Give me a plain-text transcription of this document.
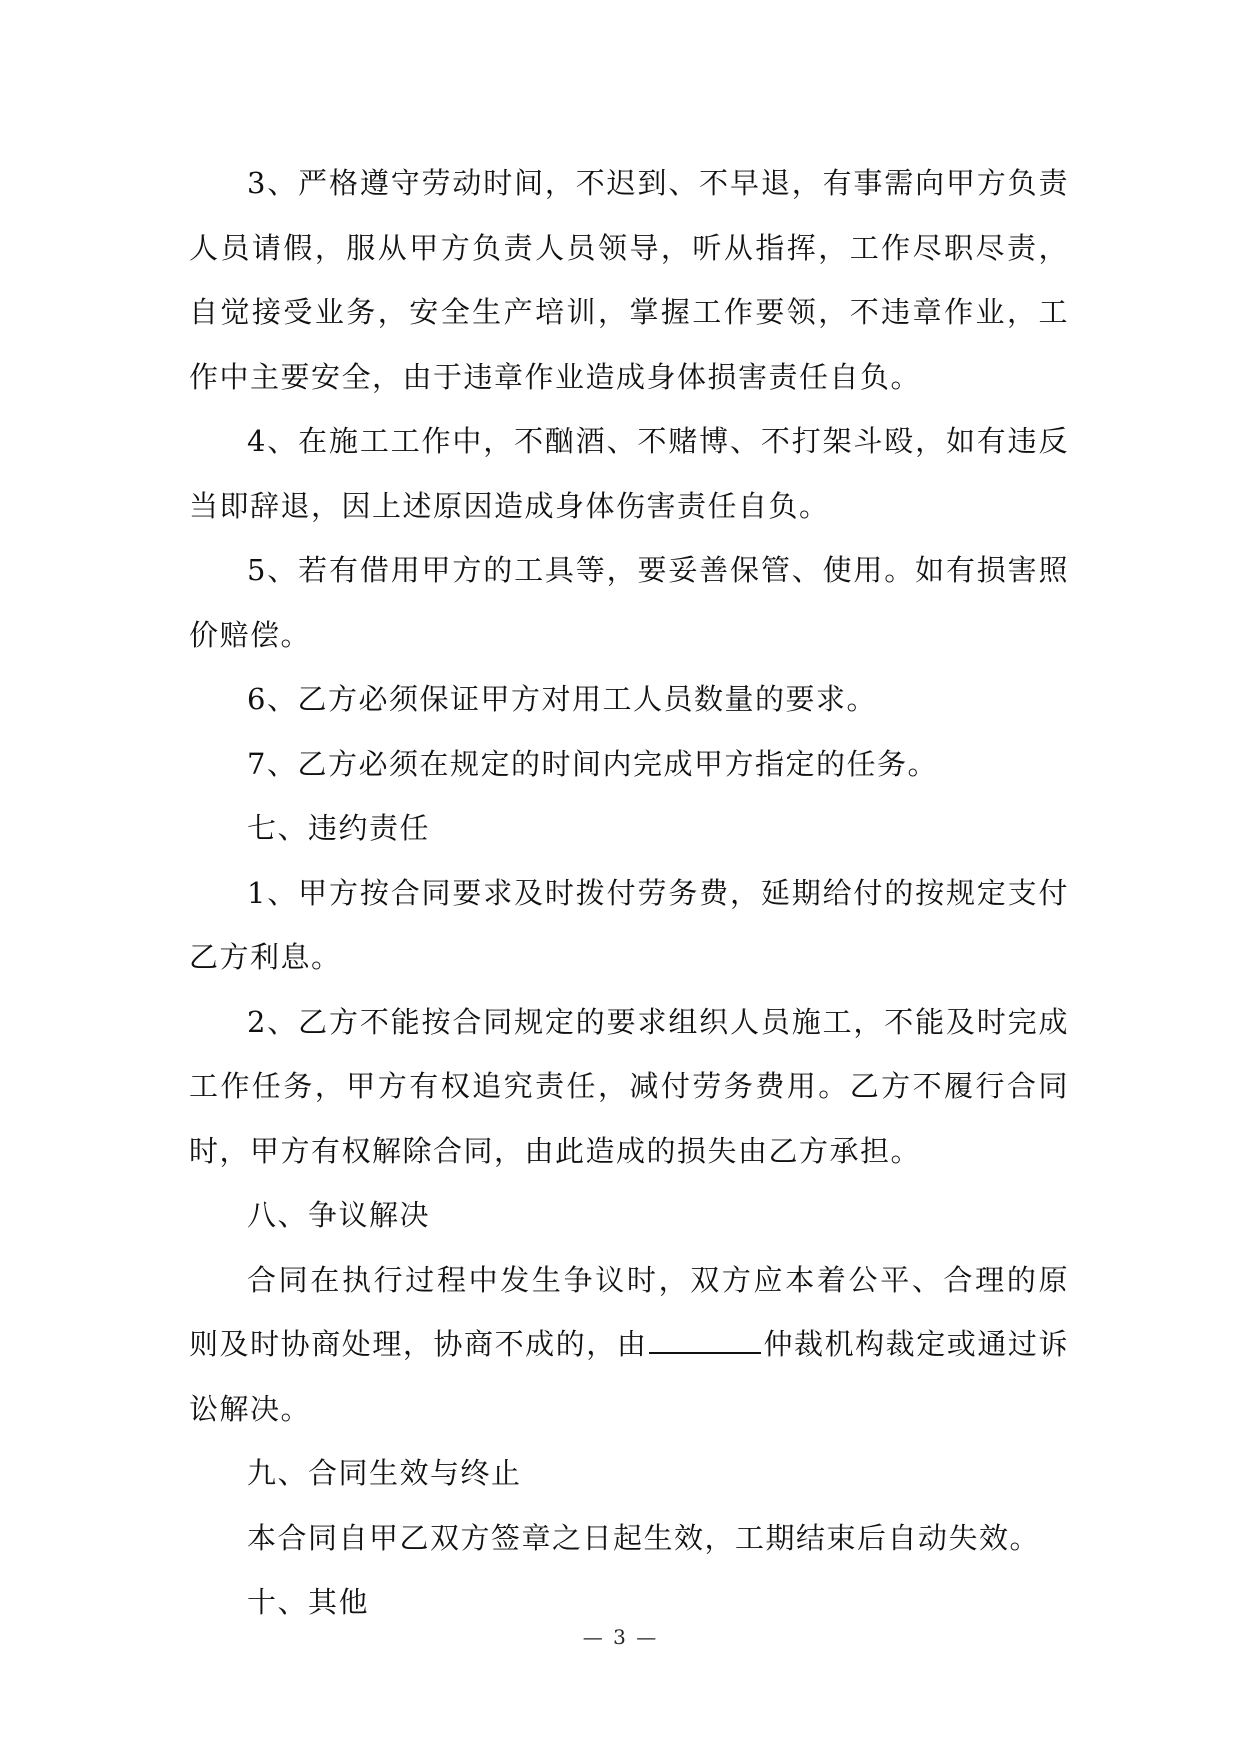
3、严格遵守劳动时间，不迟到、不早退，有事需向甲方负责人员请假，服从甲方负责人员领导，听从指挥，工作尽职尽责，自觉接受业务，安全生产培训，掌握工作要领，不违章作业，工作中主要安全，由于违章作业造成身体损害责任自负。

4、在施工工作中，不酗酒、不赌博、不打架斗殴，如有违反当即辞退，因上述原因造成身体伤害责任自负。

5、若有借用甲方的工具等，要妥善保管、使用。如有损害照价赔偿。

6、乙方必须保证甲方对用工人员数量的要求。

7、乙方必须在规定的时间内完成甲方指定的任务。

七、违约责任

1、甲方按合同要求及时拨付劳务费，延期给付的按规定支付乙方利息。

2、乙方不能按合同规定的要求组织人员施工，不能及时完成工作任务，甲方有权追究责任，减付劳务费用。乙方不履行合同时，甲方有权解除合同，由此造成的损失由乙方承担。

八、争议解决

合同在执行过程中发生争议时，双方应本着公平、合理的原则及时协商处理，协商不成的，由	仲裁机构裁定或通过诉讼解决。

九、合同生效与终止

本合同自甲乙双方签章之日起生效，工期结束后自动失效。

十、其他

— 3 —
